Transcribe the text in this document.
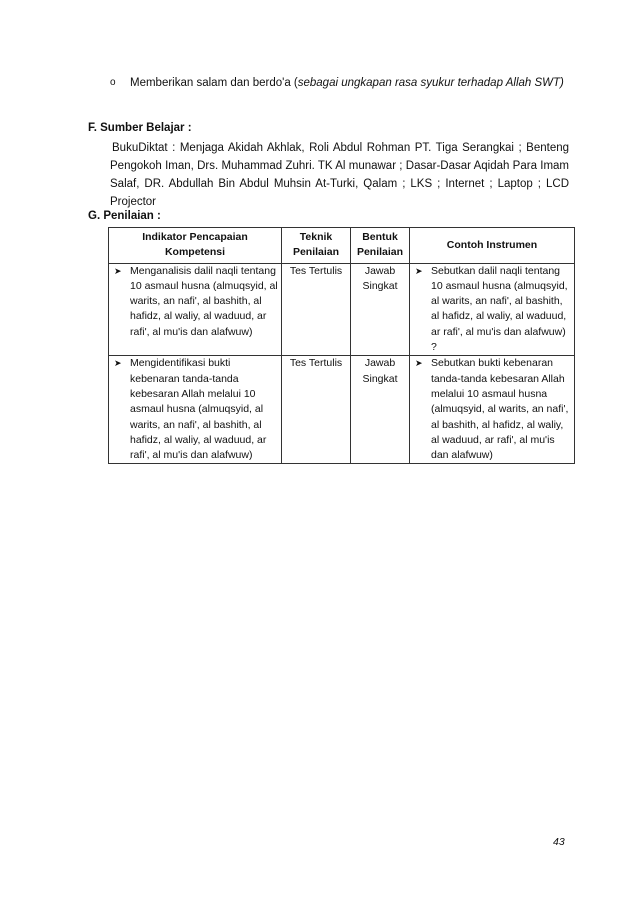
o Memberikan salam dan berdo'a (sebagai ungkapan rasa syukur terhadap Allah SWT)
F. Sumber Belajar :
BukuDiktat : Menjaga Akidah Akhlak, Roli Abdul Rohman PT. Tiga Serangkai ; Benteng Pengokoh Iman, Drs. Muhammad Zuhri. TK Al munawar ; Dasar-Dasar Aqidah Para Imam Salaf, DR. Abdullah Bin Abdul Muhsin At-Turki, Qalam ; LKS ; Internet ; Laptop ; LCD Projector
G. Penilaian :
Indikator Pencapaian Kompetensi	Teknik Penilaian	Bentuk Penilaian	Contoh Instrumen

➤ Menganalisis dalil naqli tentang 10 asmaul husna (almuqsyid, al warits, an nafi', al bashith, al hafidz, al waliy, al waduud, ar rafi', al mu'is dan alafwuw)	Tes Tertulis	Jawab Singkat	➤ Sebutkan dalil naqli tentang 10 asmaul husna (almuqsyid, al warits, an nafi', al bashith, al hafidz, al waliy, al waduud, ar rafi', al mu'is dan alafwuw) ?

➤ Mengidentifikasi bukti kebenaran tanda-tanda kebesaran Allah melalui 10 asmaul husna (almuqsyid, al warits, an nafi', al bashith, al hafidz, al waliy, al waduud, ar rafi', al mu'is dan alafwuw)	Tes Tertulis	Jawab Singkat	➤ Sebutkan bukti kebenaran tanda-tanda kebesaran Allah melalui 10 asmaul husna (almuqsyid, al warits, an nafi', al bashith, al hafidz, al waliy, al waduud, ar rafi', al mu'is dan alafwuw)
43
